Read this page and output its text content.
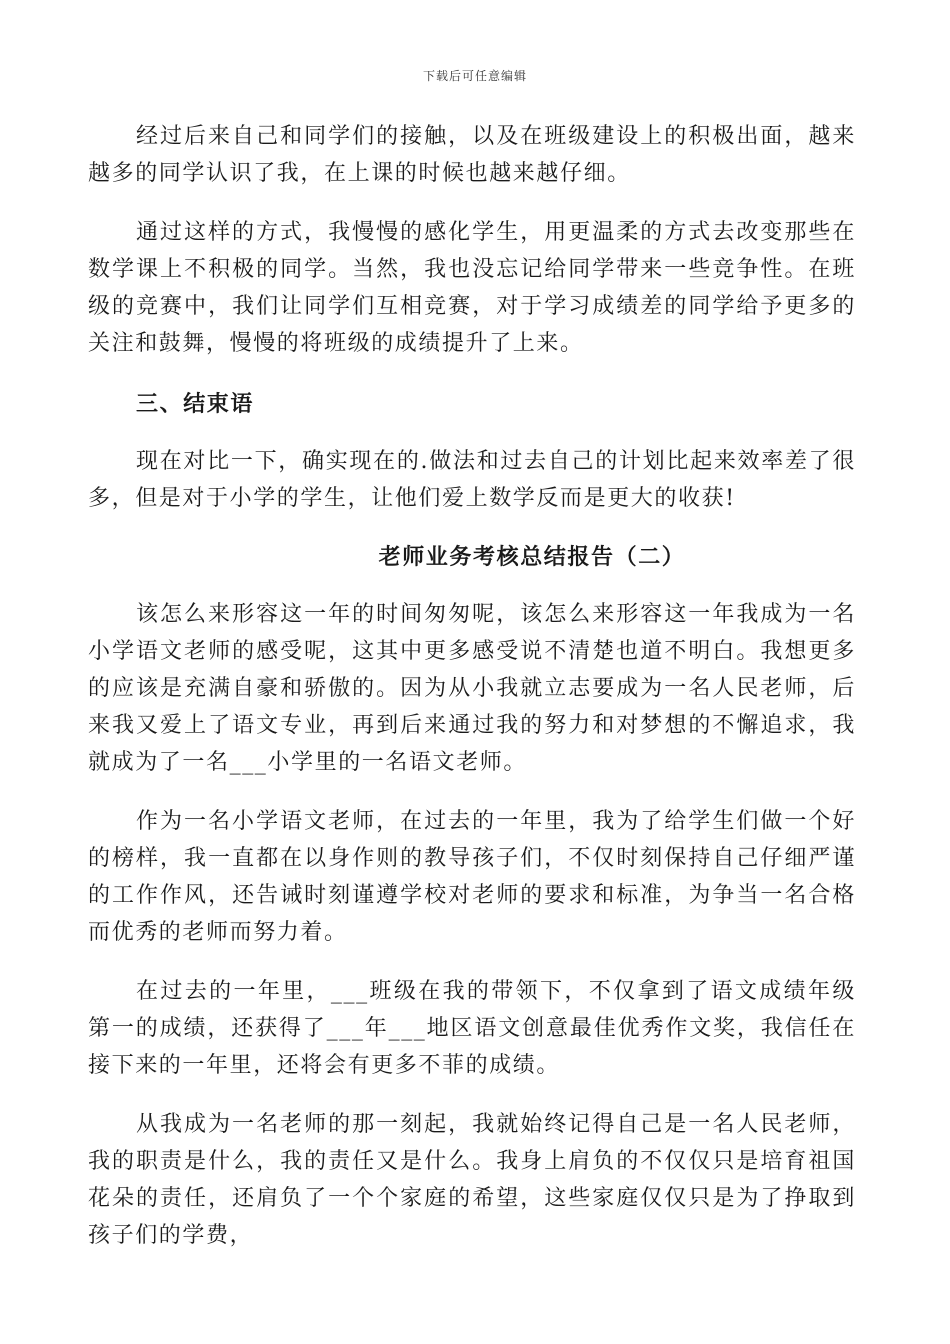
下载后可任意编辑

经过后来自己和同学们的接触，以及在班级建设上的积极出面，越来越多的同学认识了我，在上课的时候也越来越仔细。

通过这样的方式，我慢慢的感化学生，用更温柔的方式去改变那些在数学课上不积极的同学。当然，我也没忘记给同学带来一些竞争性。在班级的竞赛中，我们让同学们互相竞赛，对于学习成绩差的同学给予更多的关注和鼓舞，慢慢的将班级的成绩提升了上来。

三、结束语

现在对比一下，确实现在的.做法和过去自己的计划比起来效率差了很多，但是对于小学的学生，让他们爱上数学反而是更大的收获!

老师业务考核总结报告（二）

该怎么来形容这一年的时间匆匆呢，该怎么来形容这一年我成为一名小学语文老师的感受呢，这其中更多感受说不清楚也道不明白。我想更多的应该是充满自豪和骄傲的。因为从小我就立志要成为一名人民老师，后来我又爱上了语文专业，再到后来通过我的努力和对梦想的不懈追求，我就成为了一名___小学里的一名语文老师。

作为一名小学语文老师，在过去的一年里，我为了给学生们做一个好的榜样，我一直都在以身作则的教导孩子们，不仅时刻保持自己仔细严谨的工作作风，还告诫时刻谨遵学校对老师的要求和标准，为争当一名合格而优秀的老师而努力着。

在过去的一年里，___班级在我的带领下，不仅拿到了语文成绩年级第一的成绩，还获得了___年___地区语文创意最佳优秀作文奖，我信任在接下来的一年里，还将会有更多不菲的成绩。

从我成为一名老师的那一刻起，我就始终记得自己是一名人民老师，我的职责是什么，我的责任又是什么。我身上肩负的不仅仅只是培育祖国花朵的责任，还肩负了一个个家庭的希望，这些家庭仅仅只是为了挣取到孩子们的学费，
